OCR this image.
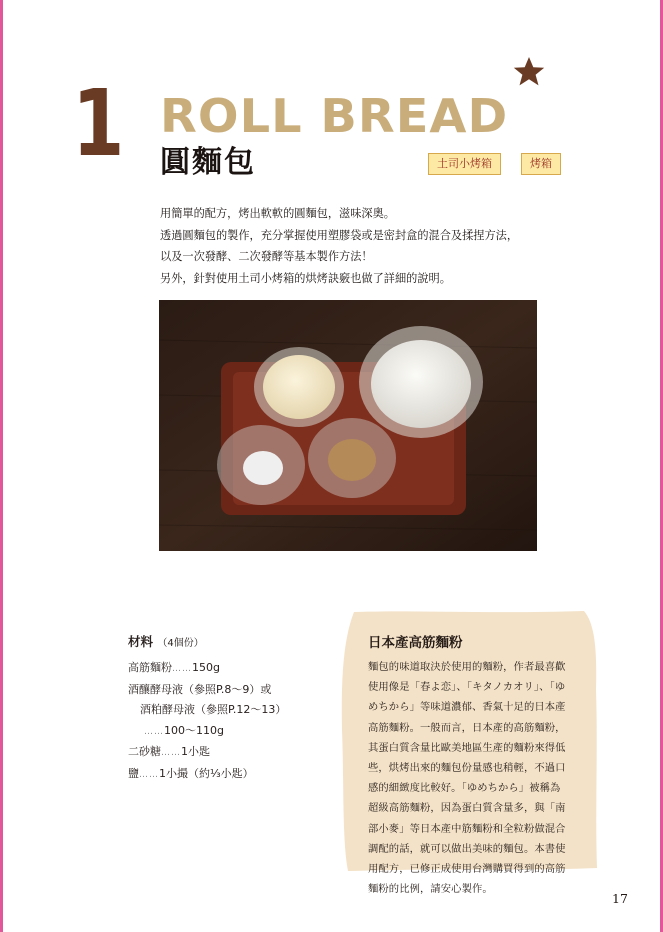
1 ROLL BREAD
圓麵包	土司小烤箱	烤箱

用簡單的配方，烤出軟軟的圓麵包，滋味深奧。

透過圓麵包的製作，充分掌握使用塑膠袋或是密封盒的混合及揉捏方法，

以及一次發酵、二次發酵等基本製作方法！

另外，針對使用土司小烤箱的烘烤訣竅也做了詳細的說明。

材料 （4個份）

高筋麵粉……150g

酒釀酵母液（參照P.8～9）或

酒粕酵母液（參照P.12～13）

……100～110g

二砂糖……1小匙

鹽……1小撮（約⅓小匙）

日本產高筋麵粉

麵包的味道取決於使用的麵粉，作者最喜歡

使用像是「春よ恋」、「キタノカオリ」、「ゆ

めちから」等味道濃郁、香氣十足的日本產

高筋麵粉。一般而言，日本產的高筋麵粉，

其蛋白質含量比歐美地區生產的麵粉來得低

些，烘烤出來的麵包份量感也稍輕，不過口

感的細緻度比較好。「ゆめちから」被稱為

超級高筋麵粉，因為蛋白質含量多，與「南

部小麥」等日本產中筋麵粉和全粒粉做混合

調配的話，就可以做出美味的麵包。本書使

用配方，已修正成使用台灣購買得到的高筋

麵粉的比例，請安心製作。

17
